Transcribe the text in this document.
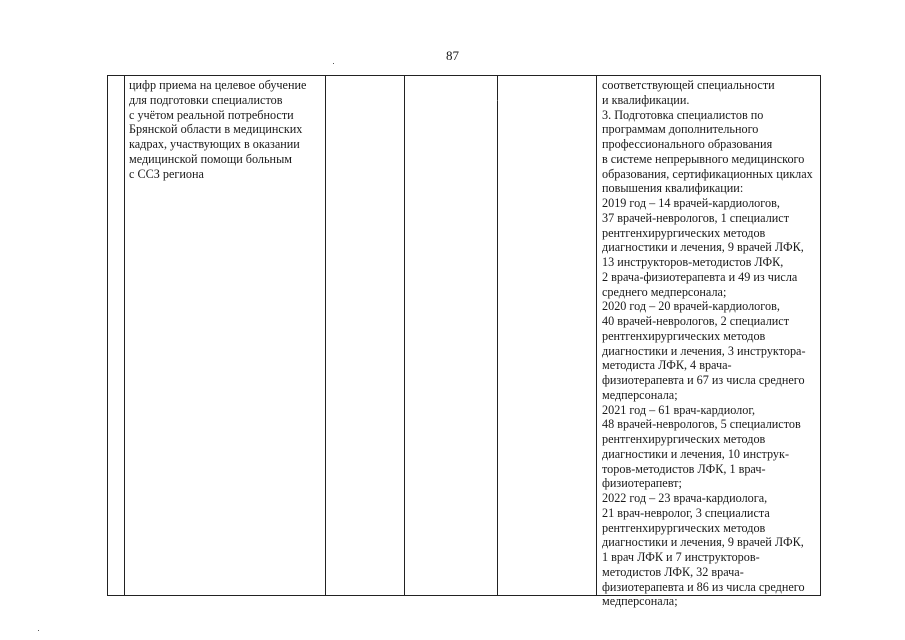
87
цифр приема на целевое обучение
для подготовки специалистов
с учётом реальной потребности
Брянской области в медицинских
кадрах, участвующих в оказании
медицинской помощи больным
с ССЗ региона
соответствующей специальности
и квалификации.
3. Подготовка специалистов по
программам дополнительного
профессионального образования
в системе непрерывного медицинского
образования, сертификационных циклах
повышения квалификации:
2019 год – 14 врачей-кардиологов,
37 врачей-неврологов, 1 специалист
рентгенхирургических методов
диагностики и лечения, 9 врачей ЛФК,
13 инструкторов-методистов ЛФК,
2 врача-физиотерапевта и 49 из числа
среднего медперсонала;
2020 год – 20 врачей-кардиологов,
40 врачей-неврологов, 2 специалист
рентгенхирургических методов
диагностики и лечения, 3 инструктора-
методиста ЛФК, 4 врача-
физиотерапевта и 67 из числа среднего
медперсонала;
2021 год – 61 врач-кардиолог,
48 врачей-неврологов, 5 специалистов
рентгенхирургических методов
диагностики и лечения, 10 инструк-
торов-методистов ЛФК, 1 врач-
физиотерапевт;
2022 год – 23 врача-кардиолога,
21 врач-невролог, 3 специалиста
рентгенхирургических методов
диагностики и лечения, 9 врачей ЛФК,
1 врач ЛФК и 7 инструкторов-
методистов ЛФК, 32 врача-
физиотерапевта и 86 из числа среднего
медперсонала;
